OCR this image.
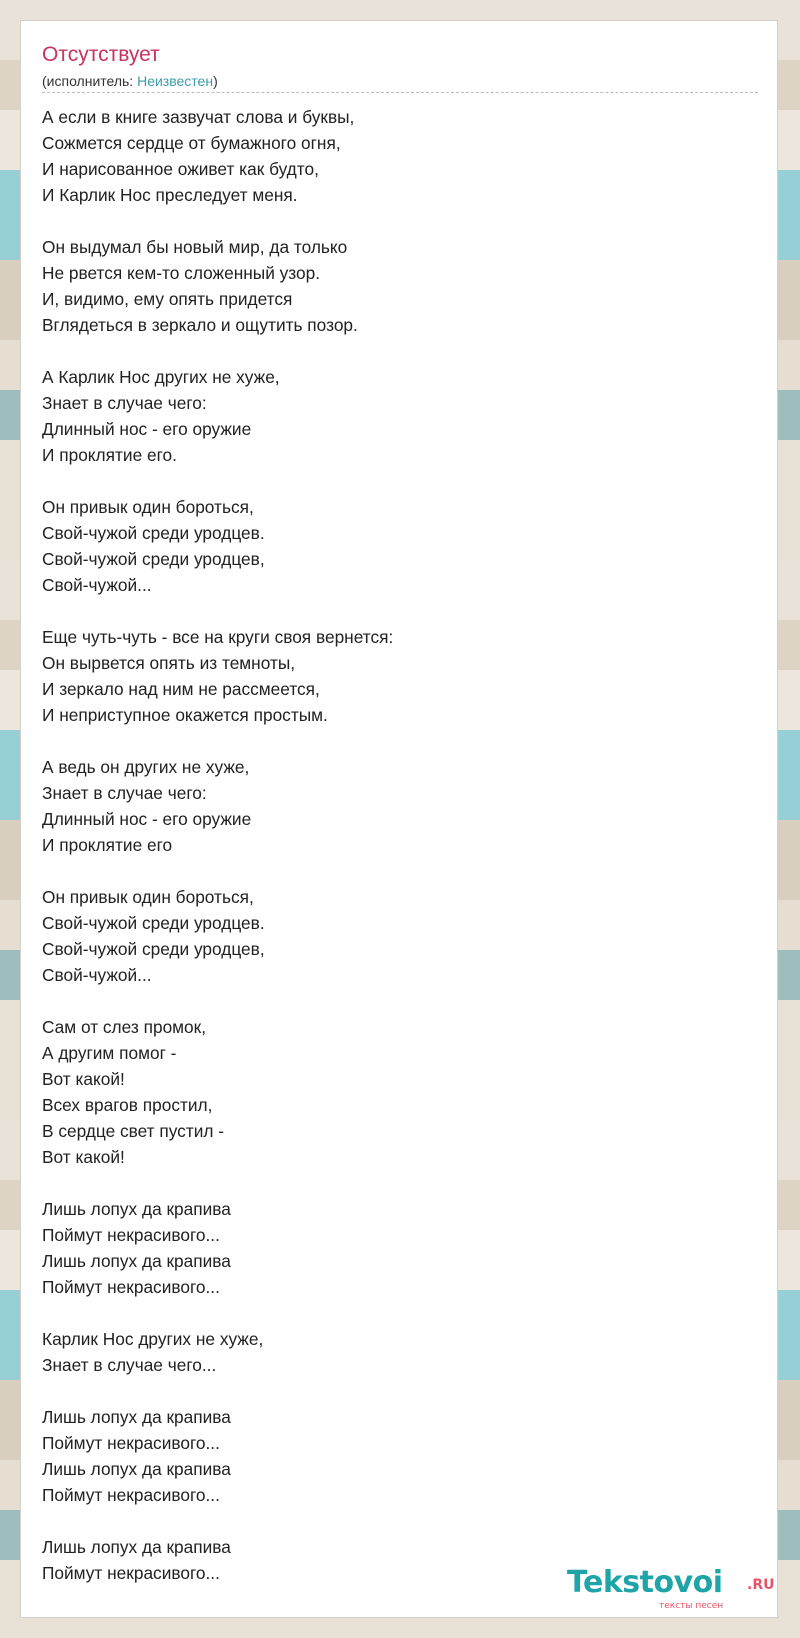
Отсутствует
(исполнитель: Неизвестен)
А если в книге зазвучат слова и буквы,
Сожмется сердце от бумажного огня,
И нарисованное оживет как будто,
И Карлик Нос преследует меня.
Он выдумал бы новый мир, да только
Не рвется кем-то сложенный узор.
И, видимо, ему опять придется
Вглядеться в зеркало и ощутить позор.
А Карлик Нос других не хуже,
Знает в случае чего:
Длинный нос - его оружие
И проклятие его.
Он привык один бороться,
Свой-чужой среди уродцев.
Свой-чужой среди уродцев,
Свой-чужой...
Еще чуть-чуть - все на круги своя вернется:
Он вырвется опять из темноты,
И зеркало над ним не рассмеется,
И неприступное окажется простым.
А ведь он других не хуже,
Знает в случае чего:
Длинный нос - его оружие
И проклятие его
Он привык один бороться,
Свой-чужой среди уродцев.
Свой-чужой среди уродцев,
Свой-чужой...
Сам от слез промок,
А другим помог -
Вот какой!
Всех врагов простил,
В сердце свет пустил -
Вот какой!
Лишь лопух да крапива
Поймут некрасивого...
Лишь лопух да крапива
Поймут некрасивого...
Карлик Нос других не хуже,
Знает в случае чего...
Лишь лопух да крапива
Поймут некрасивого...
Лишь лопух да крапива
Поймут некрасивого...
Лишь лопух да крапива
Поймут некрасивого...	Tekstovoi .RU
тексты песен
